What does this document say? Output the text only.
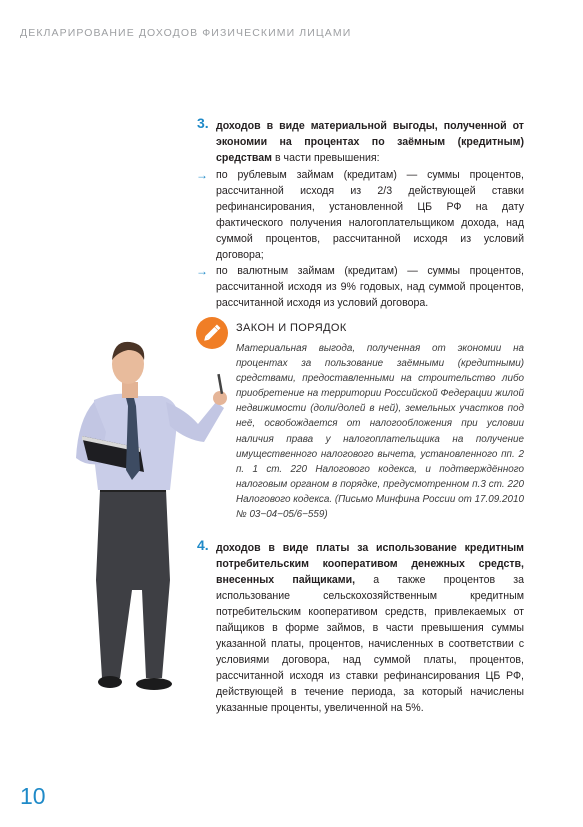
ДЕКЛАРИРОВАНИЕ ДОХОДОВ ФИЗИЧЕСКИМИ ЛИЦАМИ
3. доходов в виде материальной выгоды, полученной от экономии на процентах по заёмным (кредитным) средствам в части превышения:
→ по рублевым займам (кредитам) — суммы процентов, рассчитанной исходя из 2/3 действующей ставки рефинансирования, установленной ЦБ РФ на дату фактического получения налогоплательщиком дохода, над суммой процентов, рассчитанной исходя из условий договора;
→ по валютным займам (кредитам) — суммы процентов, рассчитанной исходя из 9% годовых, над суммой процентов, рассчитанной исходя из условий договора.
ЗАКОН И ПОРЯДОК
Материальная выгода, полученная от экономии на процентах за пользование заёмными (кредитными) средствами, предоставленными на строительство либо приобретение на территории Российской Федерации жилой недвижимости (доли/долей в ней), земельных участков под неё, освобождается от налогообложения при условии наличия права у налогоплательщика на получение имущественного налогового вычета, установленного пп. 2 п. 1 ст. 220 Налогового кодекса, и подтверждённого налоговым органом в порядке, предусмотренном п.3 ст. 220 Налогового кодекса. (Письмо Минфина России от 17.09.2010 № 03−04−05/6−559)
4. доходов в виде платы за использование кредитным потребительским кооперативом денежных средств, внесенных пайщиками, а также процентов за использование сельскохозяйственным кредитным потребительским кооперативом средств, привлекаемых от пайщиков в форме займов, в части превышения суммы указанной платы, процентов, начисленных в соответствии с условиями договора, над суммой платы, процентов, рассчитанной исходя из ставки рефинансирования ЦБ РФ, действующей в течение периода, за который начислены указанные проценты, увеличенной на 5%.
10
